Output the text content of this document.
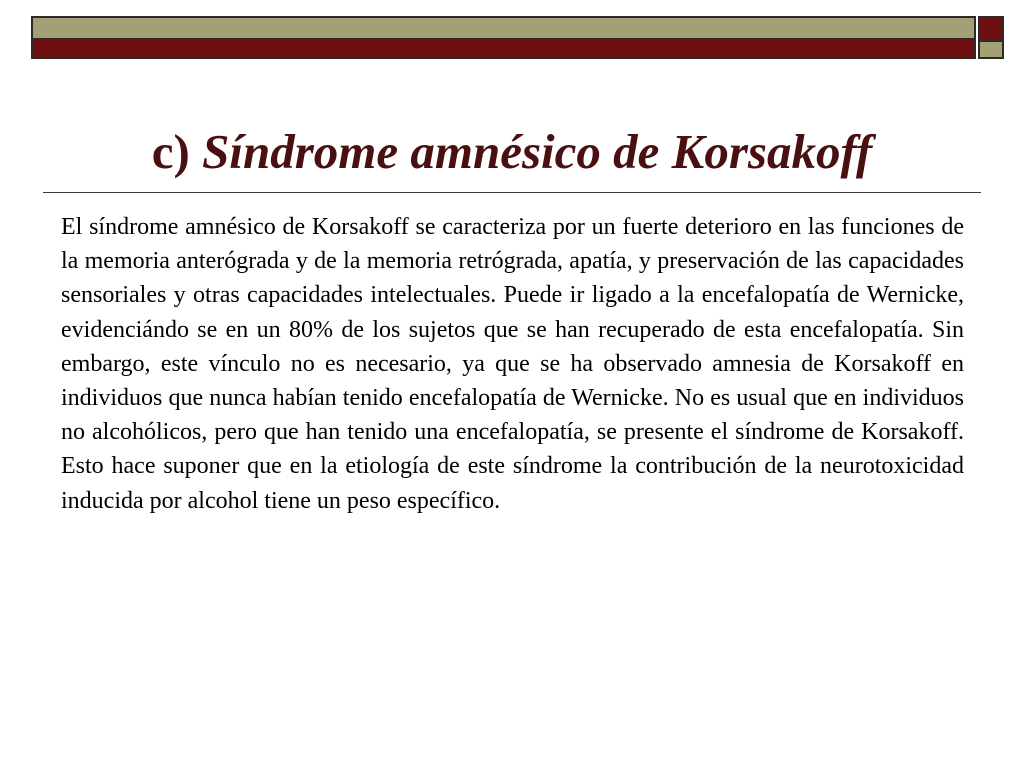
c) Síndrome amnésico de Korsakoff

El síndrome amnésico de Korsakoff se caracteriza por un fuerte deterioro en las funciones de la memoria anterógrada y de la memoria retrógrada, apatía, y preservación de las capacidades sensoriales y otras capacidades intelectuales. Puede ir ligado a la encefalopatía de Wernicke, evidenciándo se en un 80% de los sujetos que se han recuperado de esta encefalopatía. Sin embargo, este vínculo no es necesario, ya que se ha observado amnesia de Korsakoff en individuos que nunca habían tenido encefalopatía de Wernicke. No es usual que en individuos no alcohólicos, pero que han tenido una encefalopatía, se presente el síndrome de Korsakoff. Esto hace suponer que en la etiología de este síndrome la contribución de la neurotoxicidad inducida por alcohol tiene un peso específico.
